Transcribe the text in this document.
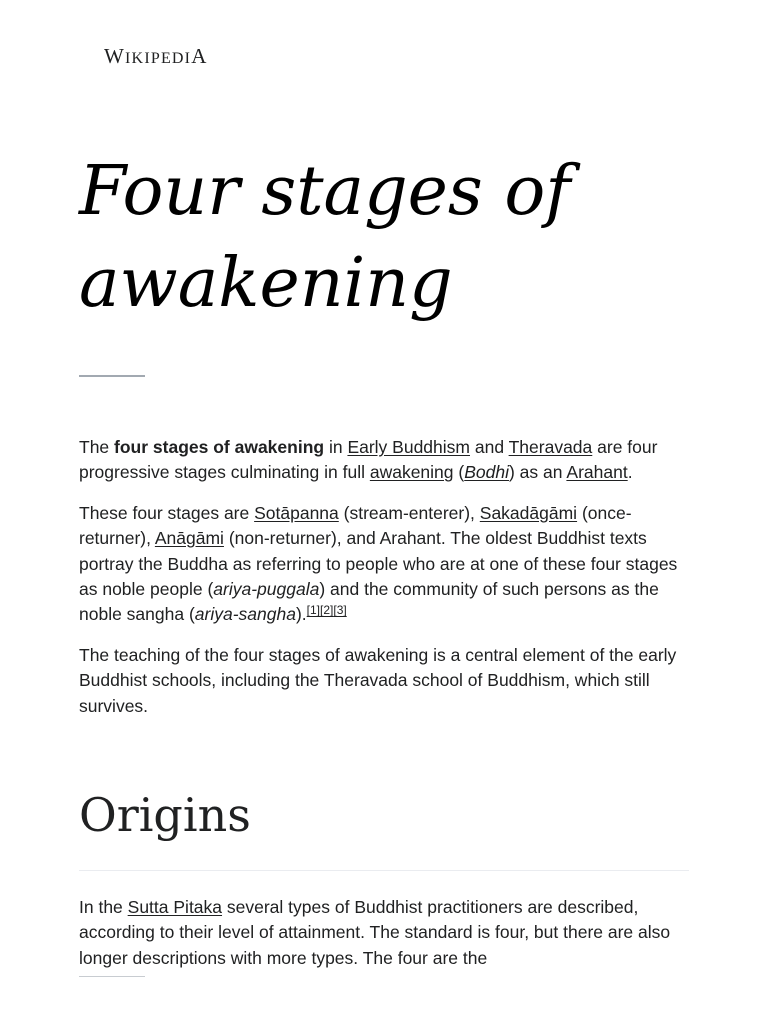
WIKIPEDIA
Four stages of awakening

The four stages of awakening in Early Buddhism and Theravada are four progressive stages culminating in full awakening (Bodhi) as an Arahant.

These four stages are Sotāpanna (stream-enterer), Sakadāgāmi (once-returner), Anāgāmi (non-returner), and Arahant. The oldest Buddhist texts portray the Buddha as referring to people who are at one of these four stages as noble people (ariya-puggala) and the community of such persons as the noble sangha (ariya-sangha).[1][2][3]

The teaching of the four stages of awakening is a central element of the early Buddhist schools, including the Theravada school of Buddhism, which still survives.

Origins

In the Sutta Pitaka several types of Buddhist practitioners are described, according to their level of attainment. The standard is four, but there are also longer descriptions with more types. The four are the
